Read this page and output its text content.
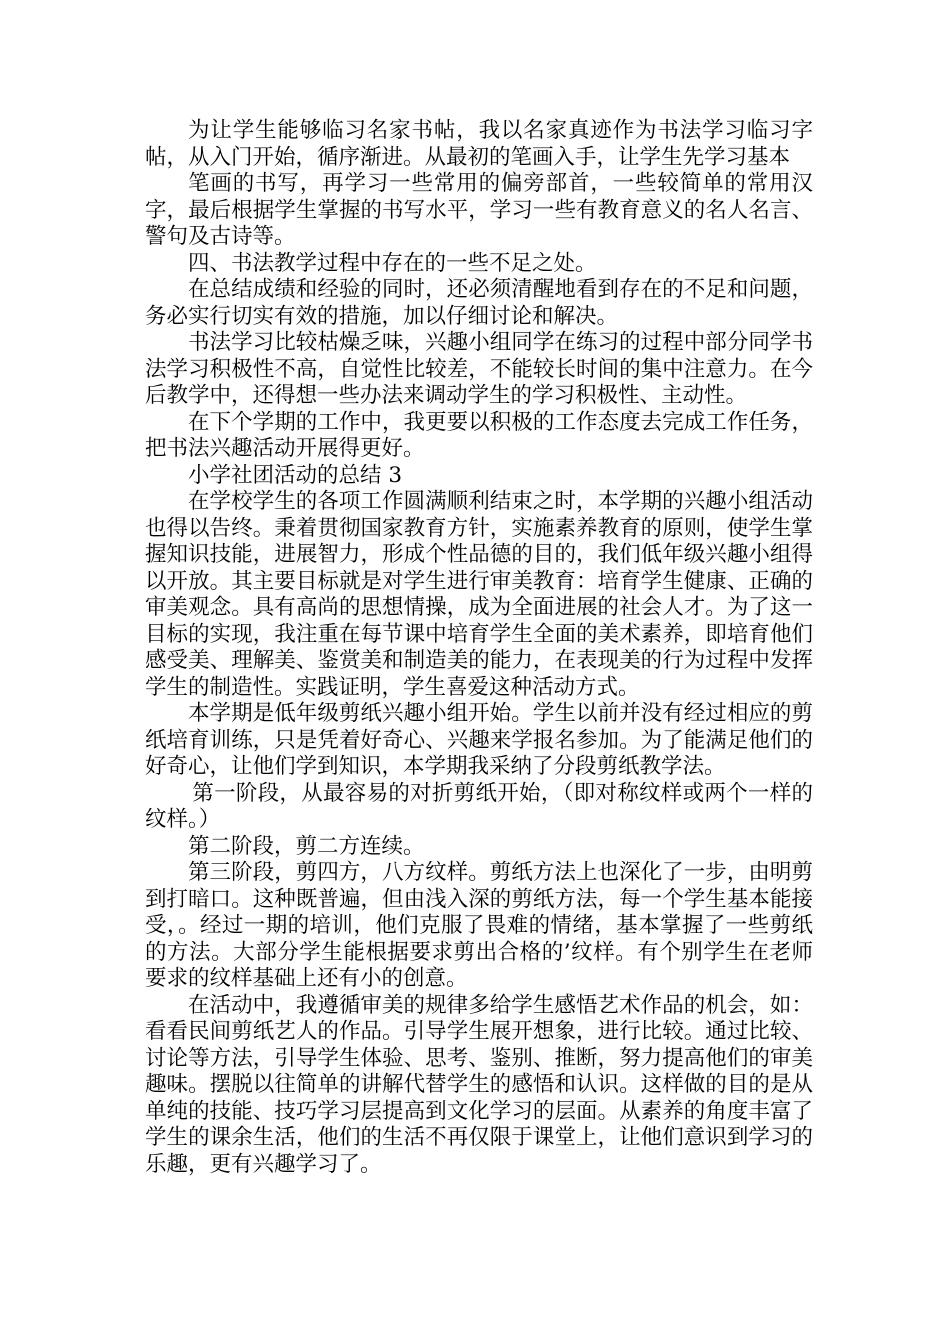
为让学生能够临习名家书帖，我以名家真迹作为书法学习临习字帖，从入门开始，循序渐进。从最初的笔画入手，让学生先学习基本

笔画的书写，再学习一些常用的偏旁部首，一些较简单的常用汉字，最后根据学生掌握的书写水平，学习一些有教育意义的名人名言、警句及古诗等。

四、书法教学过程中存在的一些不足之处。

在总结成绩和经验的同时，还必须清醒地看到存在的不足和问题，务必实行切实有效的措施，加以仔细讨论和解决。

书法学习比较枯燥乏味，兴趣小组同学在练习的过程中部分同学书法学习积极性不高，自觉性比较差，不能较长时间的集中注意力。在今后教学中，还得想一些办法来调动学生的学习积极性、主动性。

在下个学期的工作中，我更要以积极的工作态度去完成工作任务，把书法兴趣活动开展得更好。

小学社团活动的总结 3

在学校学生的各项工作圆满顺利结束之时，本学期的兴趣小组活动也得以告终。秉着贯彻国家教育方针，实施素养教育的原则，使学生掌握知识技能，进展智力，形成个性品德的目的，我们低年级兴趣小组得以开放。其主要目标就是对学生进行审美教育：培育学生健康、正确的审美观念。具有高尚的思想情操，成为全面进展的社会人才。为了这一目标的实现，我注重在每节课中培育学生全面的美术素养，即培育他们感受美、理解美、鉴赏美和制造美的能力，在表现美的行为过程中发挥学生的制造性。实践证明，学生喜爱这种活动方式。

本学期是低年级剪纸兴趣小组开始。学生以前并没有经过相应的剪纸培育训练，只是凭着好奇心、兴趣来学报名参加。为了能满足他们的好奇心，让他们学到知识，本学期我采纳了分段剪纸教学法。

第一阶段，从最容易的对折剪纸开始，（即对称纹样或两个一样的纹样。）

第二阶段，剪二方连续。

第三阶段，剪四方，八方纹样。剪纸方法上也深化了一步，由明剪到打暗口。这种既普遍，但由浅入深的剪纸方法，每一个学生基本能接受，。经过一期的培训，他们克服了畏难的情绪，基本掌握了一些剪纸的方法。大部分学生能根据要求剪出合格的’纹样。有个别学生在老师要求的纹样基础上还有小的创意。

在活动中，我遵循审美的规律多给学生感悟艺术作品的机会，如：看看民间剪纸艺人的作品。引导学生展开想象，进行比较。通过比较、讨论等方法，引导学生体验、思考、鉴别、推断，努力提高他们的审美趣味。摆脱以往简单的讲解代替学生的感悟和认识。这样做的目的是从单纯的技能、技巧学习层提高到文化学习的层面。从素养的角度丰富了学生的课余生活，他们的生活不再仅限于课堂上，让他们意识到学习的乐趣，更有兴趣学习了。
